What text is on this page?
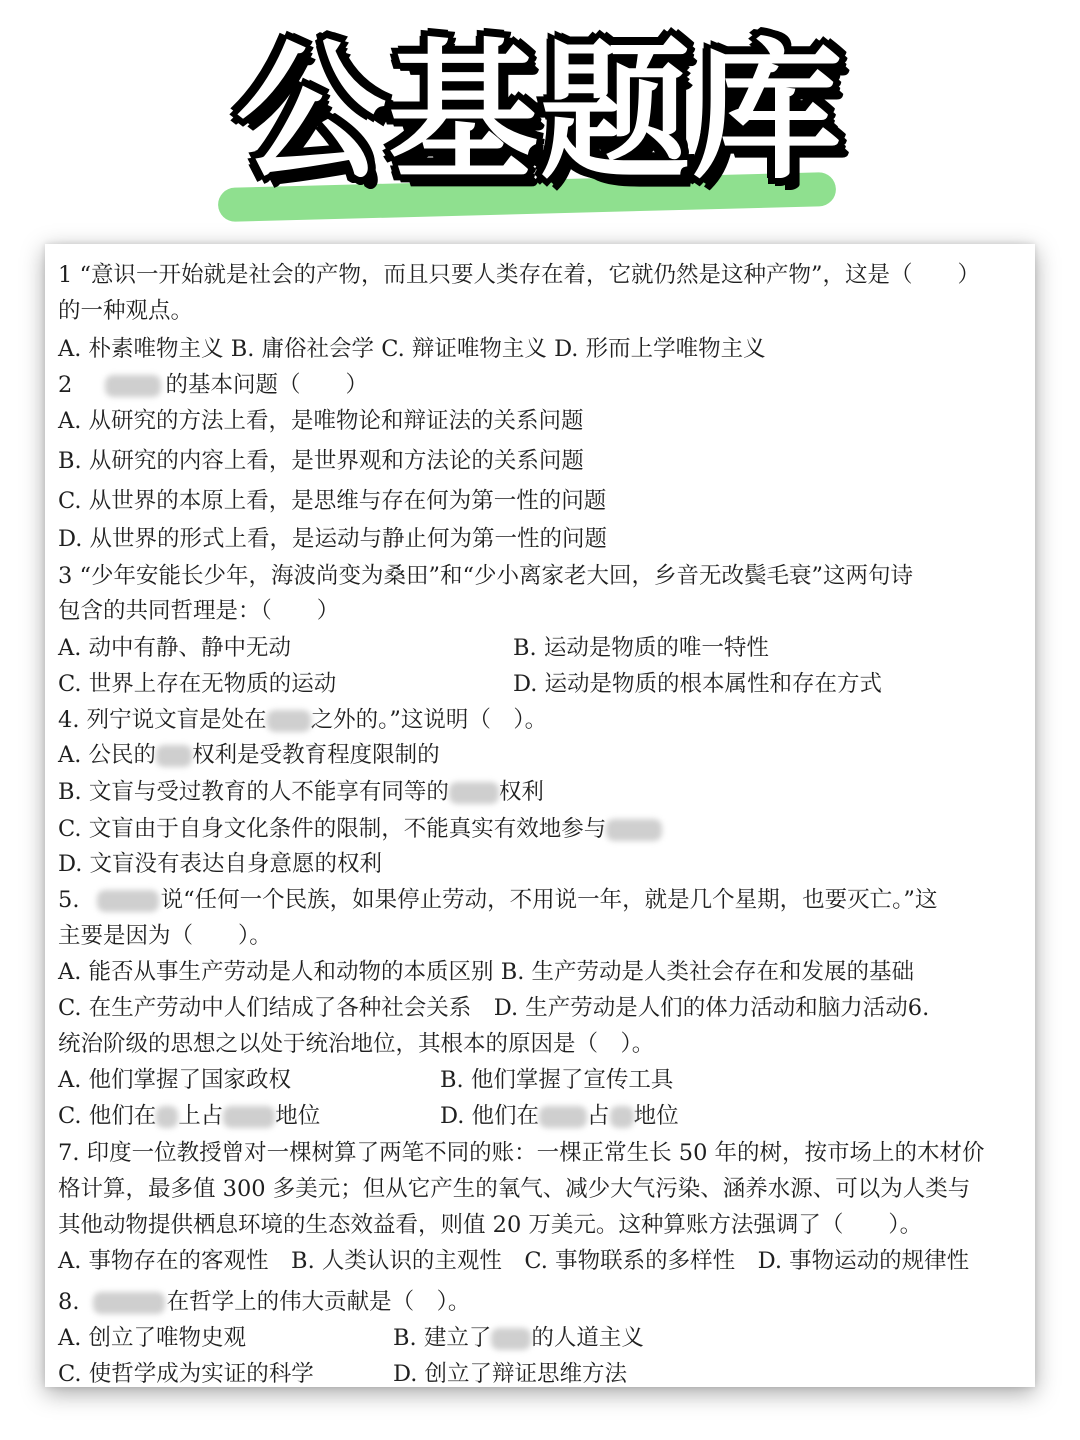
公基题库
1 “意识一开始就是社会的产物，而且只要人类存在着，它就仍然是这种产物”，这是（　　）
的一种观点。
A. 朴素唯物主义 B. 庸俗社会学 C. 辩证唯物主义 D. 形而上学唯物主义
2	的基本问题（　　）
A. 从研究的方法上看，是唯物论和辩证法的关系问题
B. 从研究的内容上看，是世界观和方法论的关系问题
C. 从世界的本原上看，是思维与存在何为第一性的问题
D. 从世界的形式上看，是运动与静止何为第一性的问题
3 “少年安能长少年，海波尚变为桑田”和“少小离家老大回，乡音无改鬓毛衰”这两句诗
包含的共同哲理是：（　　）
A. 动中有静、静中无动	B. 运动是物质的唯一特性
C. 世界上存在无物质的运动	D. 运动是物质的根本属性和存在方式
4. 列宁说文盲是处在 之外的。”这说明（　）。
A. 公民的 权利是受教育程度限制的
B. 文盲与受过教育的人不能享有同等的 权利
C. 文盲由于自身文化条件的限制，不能真实有效地参与
D. 文盲没有表达自身意愿的权利
5.	说“任何一个民族，如果停止劳动，不用说一年，就是几个星期，也要灭亡。”这
主要是因为（　　）。
A. 能否从事生产劳动是人和动物的本质区别 B. 生产劳动是人类社会存在和发展的基础
C. 在生产劳动中人们结成了各种社会关系　D. 生产劳动是人们的体力活动和脑力活动6.
统治阶级的思想之以处于统治地位，其根本的原因是（　）。
A. 他们掌握了国家政权	B. 他们掌握了宣传工具
C. 他们在 上占 地位	D. 他们在 占 地位
7. 印度一位教授曾对一棵树算了两笔不同的账：一棵正常生长 50 年的树，按市场上的木材价
格计算，最多值 300 多美元；但从它产生的氧气、减少大气污染、涵养水源、可以为人类与
其他动物提供栖息环境的生态效益看，则值 20 万美元。这种算账方法强调了（　　）。
A. 事物存在的客观性　B. 人类认识的主观性　C. 事物联系的多样性　D. 事物运动的规律性
8.	在哲学上的伟大贡献是（　）。
A. 创立了唯物史观	B. 建立了 的人道主义
C. 使哲学成为实证的科学	D. 创立了辩证思维方法
